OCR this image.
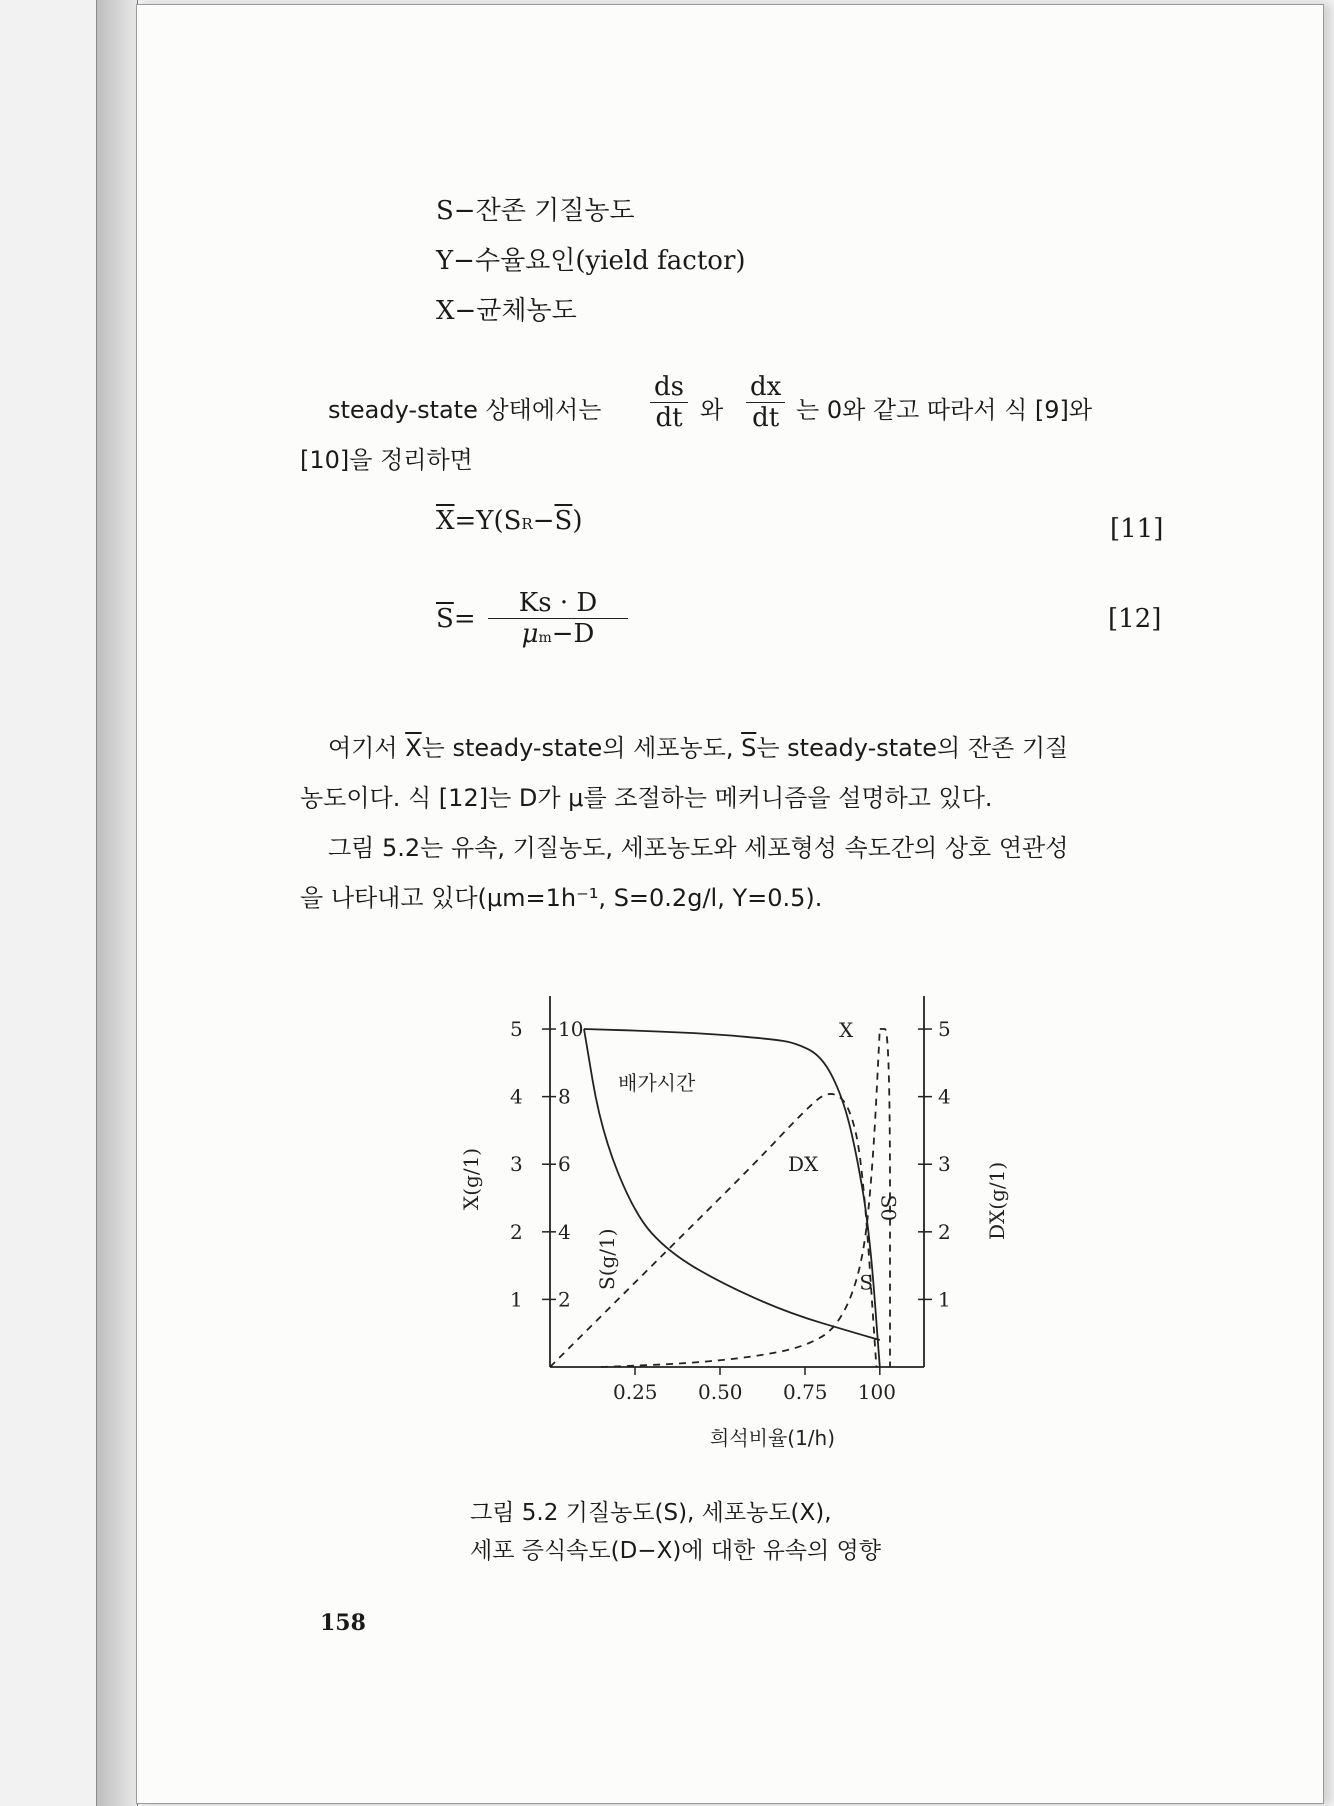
S−잔존 기질농도
Y−수율요인(yield factor)
X−균체농도
steady-state 상태에서는 $\frac{ds}{dt}$ 와 $\frac{dx}{dt}$ 는 0와 같고 따라서 식 [9]와
[10]을 정리하면
$\overline{X}=Y(SR-\overline{S})$	[11]
$\overline{S}= \frac{Ks \cdot D}{\mu m-D}$	[12]
여기서 $\overline{X}$는 steady-state의 세포농도, $\overline{S}$는 steady-state의 잔존 기질
농도이다. 식 [12]는 D가 μ를 조절하는 메커니즘을 설명하고 있다.
그림 5.2는 유속, 기질농도, 세포농도와 세포형성 속도간의 상호 연관성
을 나타내고 있다(μm=1h⁻¹, S=0.2g/l, Y=0.5).
1 2
2 4
3 6
4 8
5 10
1
2
3
4
5
0.25 0.50 0.75 100
희석비율(1/h)
X(g/1)	DX(g/1)
S(g/1)
X
DX
S
S0
배가시간
그림 5.2 기질농도(S), 세포농도(X),
세포 증식속도(D−X)에 대한 유속의 영향
158
